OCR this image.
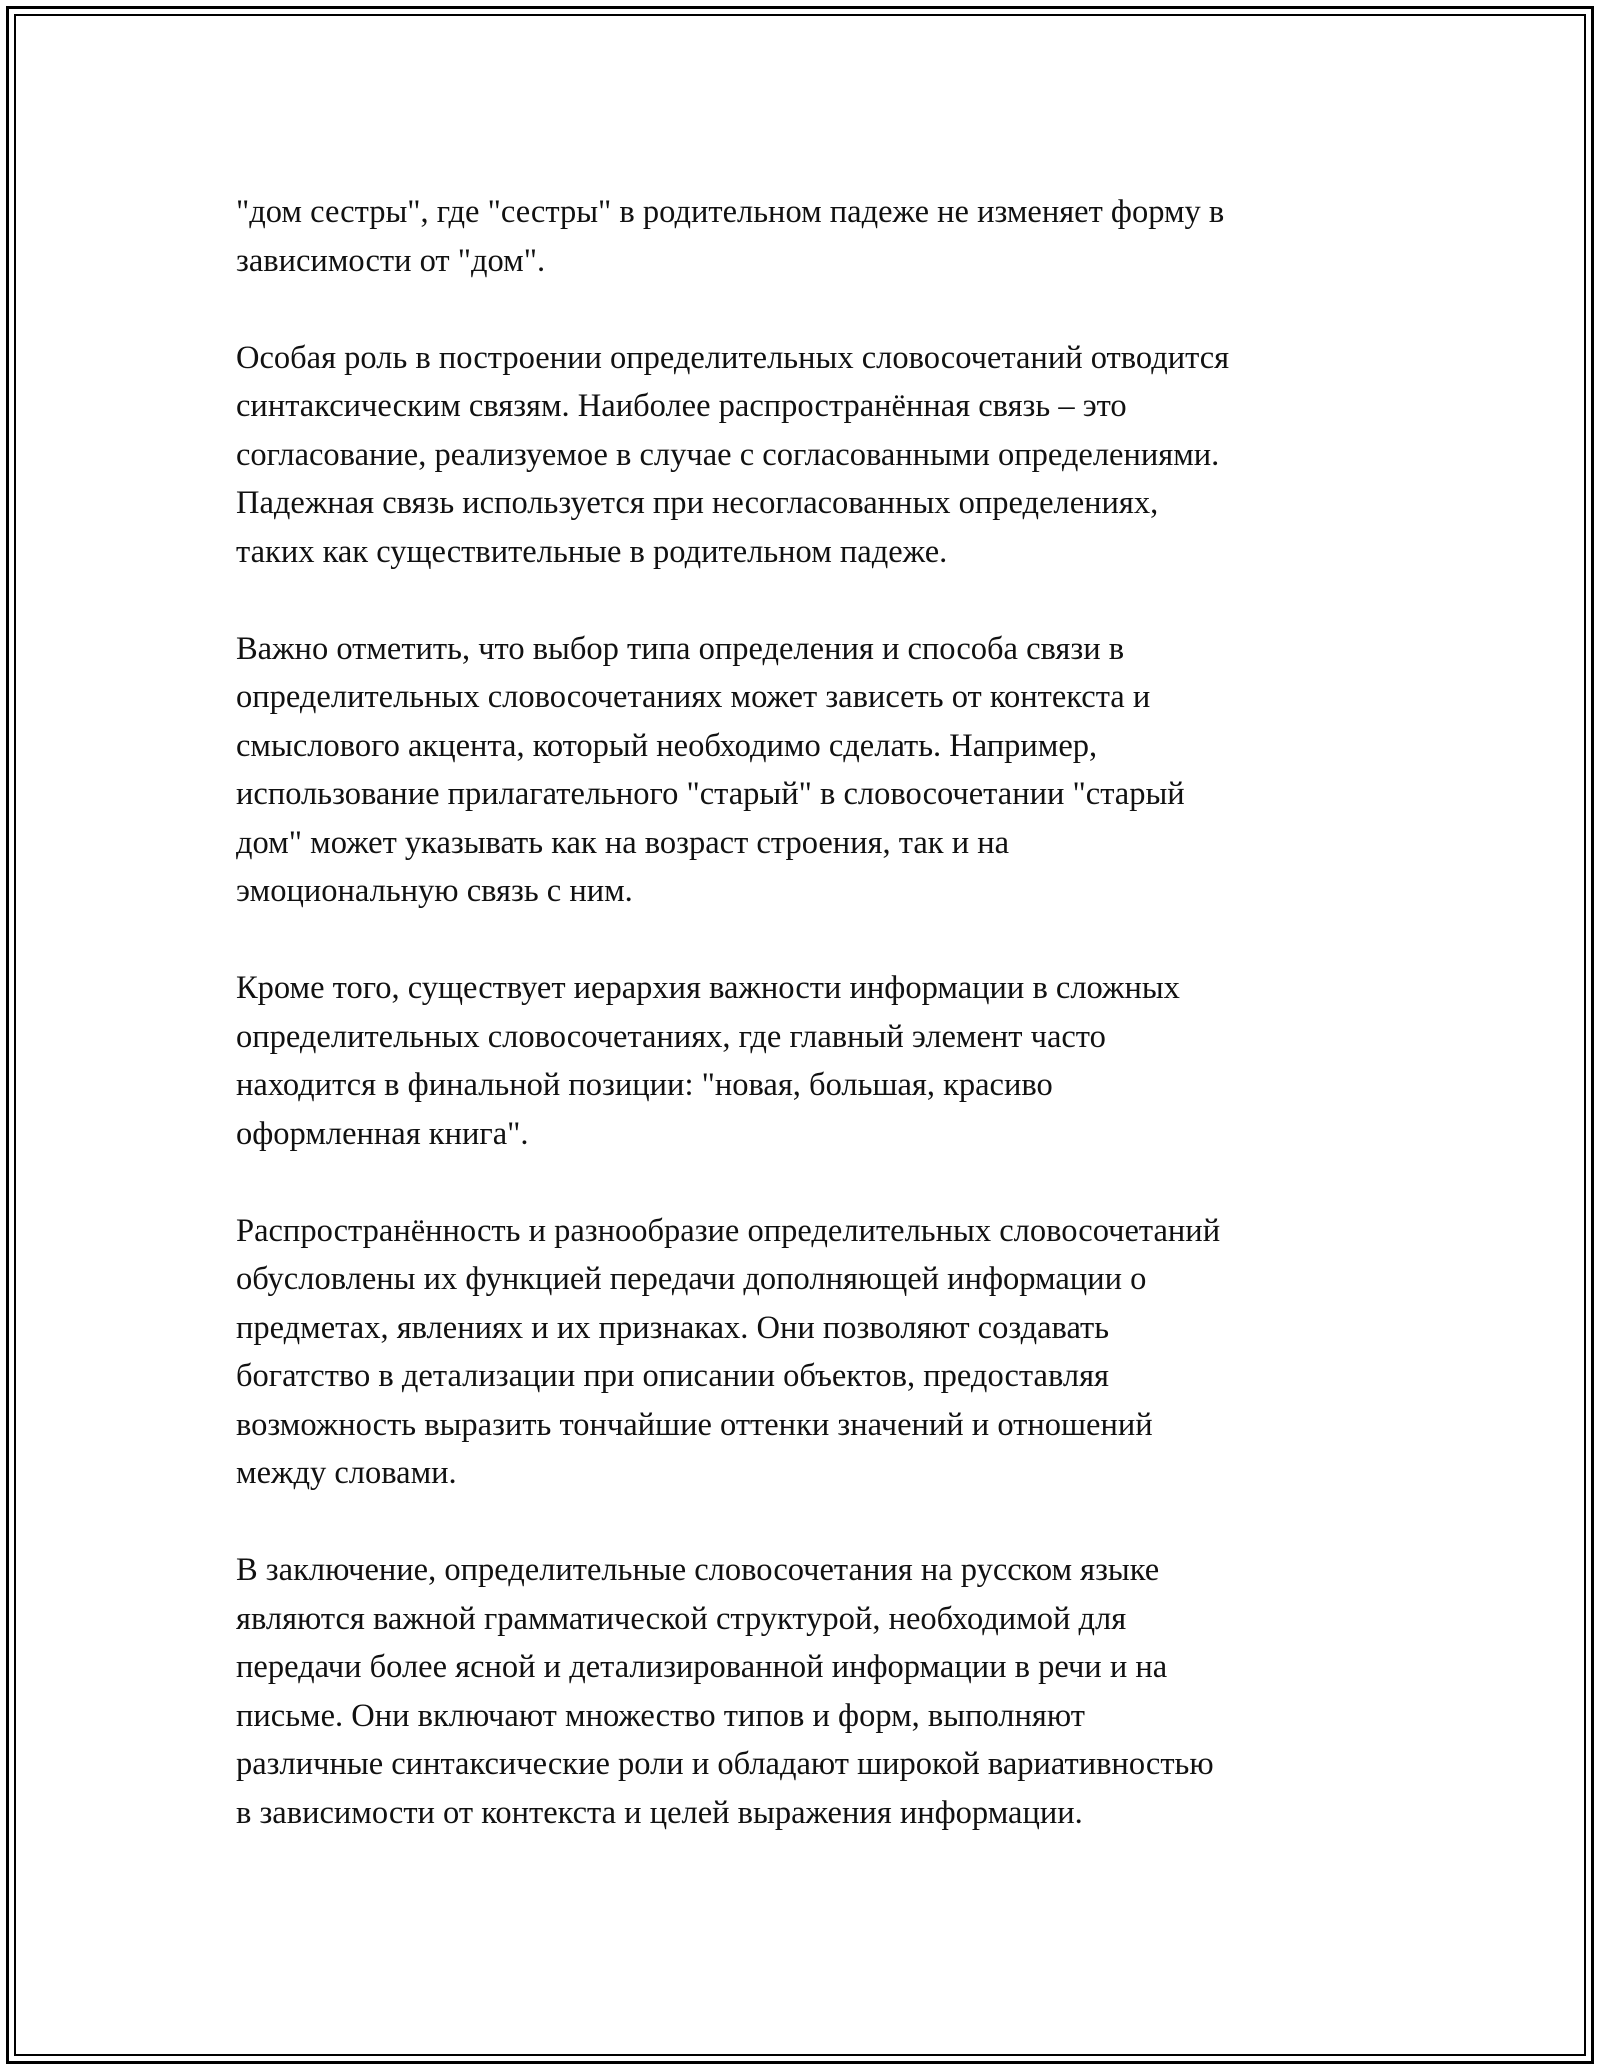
"дом сестры", где "сестры" в родительном падеже не изменяет форму в
зависимости от "дом".

Особая роль в построении определительных словосочетаний отводится
синтаксическим связям. Наиболее распространённая связь – это
согласование, реализуемое в случае с согласованными определениями.
Падежная связь используется при несогласованных определениях,
таких как существительные в родительном падеже.

Важно отметить, что выбор типа определения и способа связи в
определительных словосочетаниях может зависеть от контекста и
смыслового акцента, который необходимо сделать. Например,
использование прилагательного "старый" в словосочетании "старый
дом" может указывать как на возраст строения, так и на
эмоциональную связь с ним.

Кроме того, существует иерархия важности информации в сложных
определительных словосочетаниях, где главный элемент часто
находится в финальной позиции: "новая, большая, красиво
оформленная книга".

Распространённость и разнообразие определительных словосочетаний
обусловлены их функцией передачи дополняющей информации о
предметах, явлениях и их признаках. Они позволяют создавать
богатство в детализации при описании объектов, предоставляя
возможность выразить тончайшие оттенки значений и отношений
между словами.

В заключение, определительные словосочетания на русском языке
являются важной грамматической структурой, необходимой для
передачи более ясной и детализированной информации в речи и на
письме. Они включают множество типов и форм, выполняют
различные синтаксические роли и обладают широкой вариативностью
в зависимости от контекста и целей выражения информации.
